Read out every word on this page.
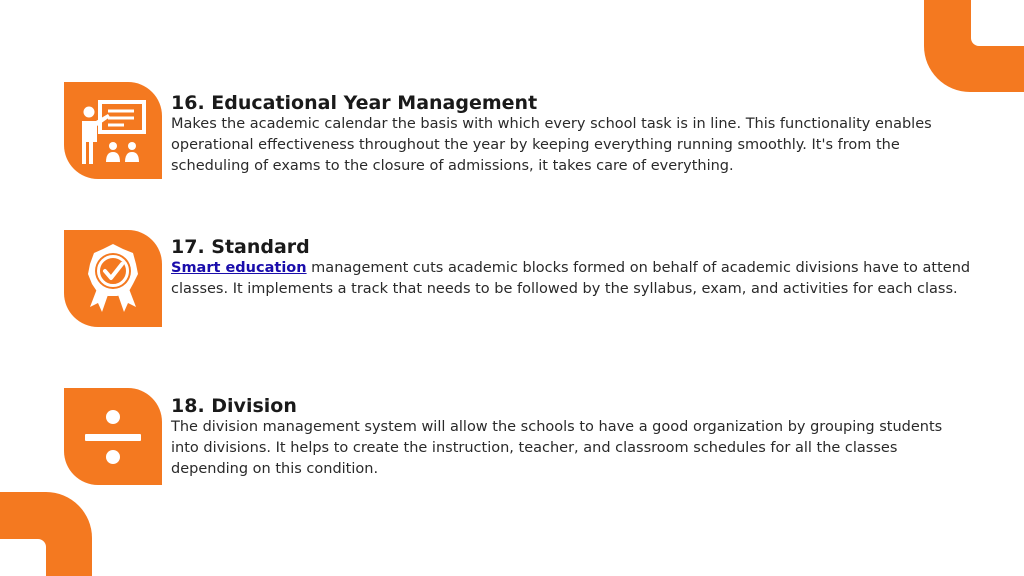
16. Educational Year Management

Makes the academic calendar the basis with which every school task is in line. This functionality enables operational effectiveness throughout the year by keeping everything running smoothly. It's from the scheduling of exams to the closure of admissions, it takes care of everything.

17. Standard

Smart education management cuts academic blocks formed on behalf of academic divisions have to attend classes. It implements a track that needs to be followed by the syllabus, exam, and activities for each class.

18. Division

The division management system will allow the schools to have a good organization by grouping students into divisions. It helps to create the instruction, teacher, and classroom schedules for all the classes depending on this condition.
